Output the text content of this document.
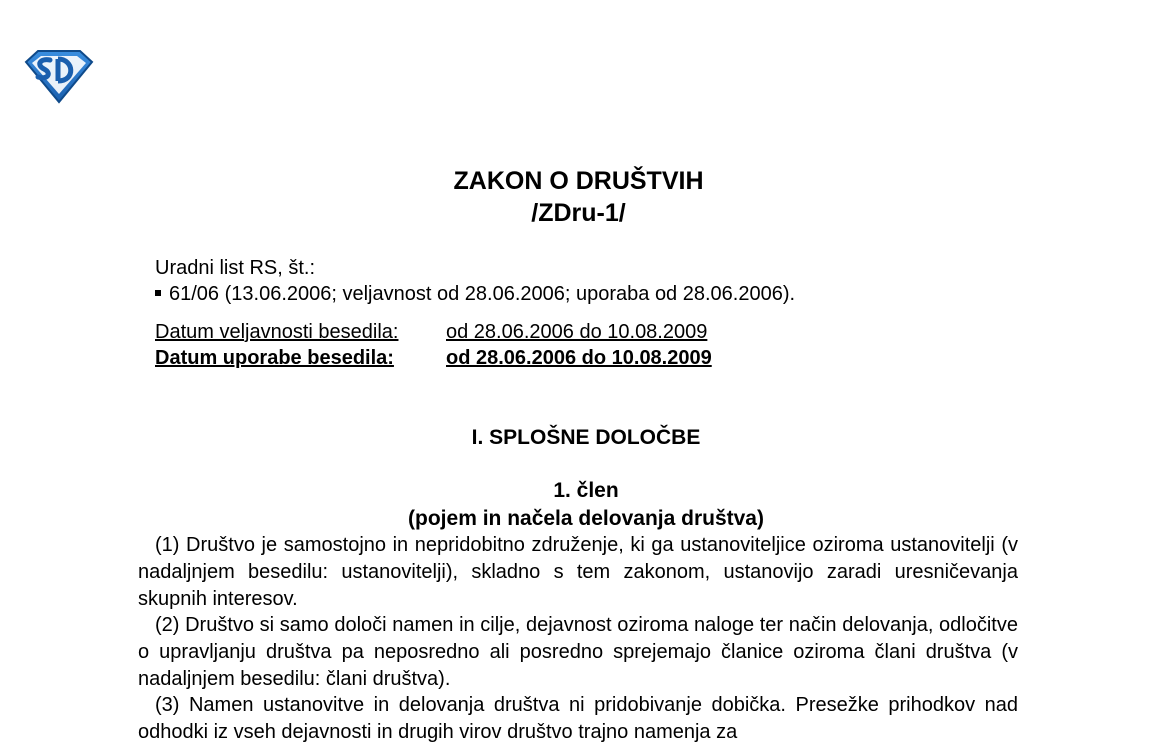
ZAKON O DRUŠTVIH
/ZDru-1/
Uradni list RS, št.:
61/06 (13.06.2006; veljavnost od 28.06.2006; uporaba od 28.06.2006).
Datum veljavnosti besedila: od 28.06.2006 do 10.08.2009
Datum uporabe besedila:	od 28.06.2006 do 10.08.2009
I. SPLOŠNE DOLOČBE
1. člen
(pojem in načela delovanja društva)

(1) Društvo je samostojno in nepridobitno združenje, ki ga ustanoviteljice oziroma ustanovitelji (v nadaljnjem besedilu: ustanovitelji), skladno s tem zakonom, ustanovijo zaradi uresničevanja skupnih interesov.

(2) Društvo si samo določi namen in cilje, dejavnost oziroma naloge ter način delovanja, odločitve o upravljanju društva pa neposredno ali posredno sprejemajo članice oziroma člani društva (v nadaljnjem besedilu: člani društva).

(3) Namen ustanovitve in delovanja društva ni pridobivanje dobička. Presežke prihodkov nad odhodki iz vseh dejavnosti in drugih virov društvo trajno namenja za
